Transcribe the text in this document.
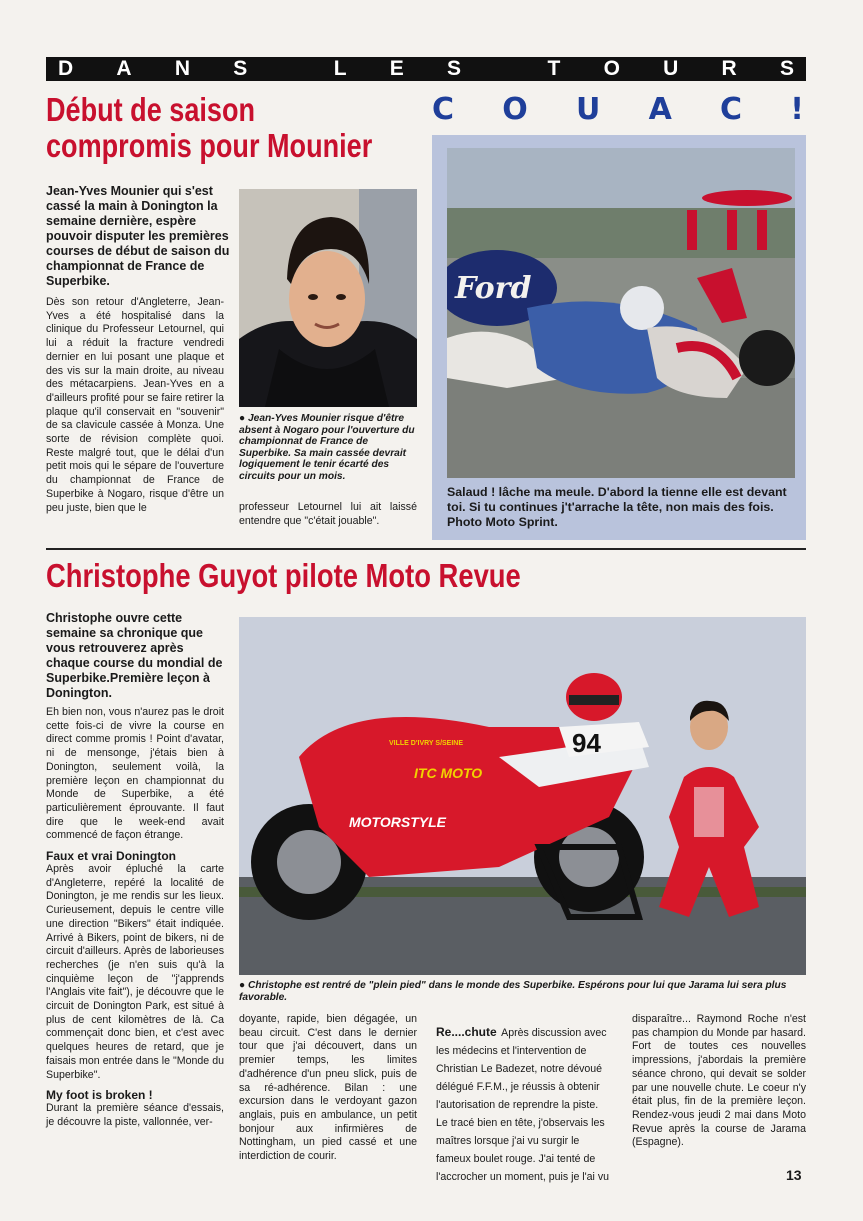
D A N S	L E S	T O U R S
Début de saison
compromis pour Mounier
C O U A C !
Jean-Yves Mounier qui s'est cassé la main à Donington la semaine dernière, espère pouvoir disputer les premières courses de début de saison du championnat de France de Superbike.
Dès son retour d'Angleterre, Jean-Yves a été hospitalisé dans la clinique du Professeur Letournel, qui lui a réduit la fracture vendredi dernier en lui posant une plaque et des vis sur la main droite, au niveau des métacarpiens. Jean-Yves en a d'ailleurs profité pour se faire retirer la plaque qu'il conservait en "souvenir" de sa clavicule cassée à Monza. Une sorte de révision complète quoi. Reste malgré tout, que le délai d'un petit mois qui le sépare de l'ouverture du championnat de France de Superbike à Nogaro, risque d'être un peu juste, bien que le
● Jean-Yves Mounier risque d'être absent à Nogaro pour l'ouverture du championnat de France de Superbike. Sa main cassée devrait logiquement le tenir écarté des circuits pour un mois.
professeur Letournel lui ait laissé entendre que "c'était jouable".
Ford
Salaud ! lâche ma meule. D'abord la tienne elle est devant toi. Si tu continues j't'arrache la tête, non mais des fois. Photo Moto Sprint.
Christophe Guyot pilote Moto Revue
Christophe ouvre cette semaine sa chronique que vous retrouverez après chaque course du mondial de Superbike.Première leçon à Donington.
Eh bien non, vous n'aurez pas le droit cette fois-ci de vivre la course en direct comme promis ! Point d'avatar, ni de mensonge, j'étais bien à Donington, seulement voilà, la première leçon en championnat du Monde de Superbike, a été particulièrement éprouvante. Il faut dire que le week-end avait commencé de façon étrange.
Faux et vrai Donington
Après avoir épluché la carte d'Angleterre, repéré la localité de Donington, je me rendis sur les lieux. Curieusement, depuis le centre ville une direction "Bikers" était indiquée. Arrivé à Bikers, point de bikers, ni de circuit d'ailleurs. Après de laborieuses recherches (je n'en suis qu'à la cinquième leçon de "j'apprends l'Anglais vite fait"), je découvre que le circuit de Donington Park, est situé à plus de cent kilomètres de là. Ca commençait donc bien, et c'est avec quelques heures de retard, que je faisais mon entrée dans le "Monde du Superbike".
My foot is broken !
Durant la première séance d'essais, je découvre la piste, vallonnée, ver-
ITC MOTO
MOTORSTYLE
VILLE D'IVRY S/SEINE	94
● Christophe est rentré de "plein pied" dans le monde des Superbike. Espérons pour lui que Jarama lui sera plus favorable.
doyante, rapide, bien dégagée, un beau circuit. C'est dans le dernier tour que j'ai découvert, dans un premier temps, les limites d'adhérence d'un pneu slick, puis de sa ré-adhérence. Bilan : une excursion dans le verdoyant gazon anglais, puis en ambulance, un petit bonjour aux infirmières de Nottingham, un pied cassé et une interdiction de courir.
Re....chute Après discussion avec les médecins et l'intervention de Christian Le Badezet, notre dévoué délégué F.F.M., je réussis à obtenir l'autorisation de reprendre la piste. Le tracé bien en tête, j'observais les maîtres lorsque j'ai vu surgir le fameux boulet rouge. J'ai tenté de l'accrocher un moment, puis je l'ai vu
disparaître... Raymond Roche n'est pas champion du Monde par hasard. Fort de toutes ces nouvelles impressions, j'abordais la première séance chrono, qui devait se solder par une nouvelle chute. Le coeur n'y était plus, fin de la première leçon. Rendez-vous jeudi 2 mai dans Moto Revue après la course de Jarama (Espagne).
13
